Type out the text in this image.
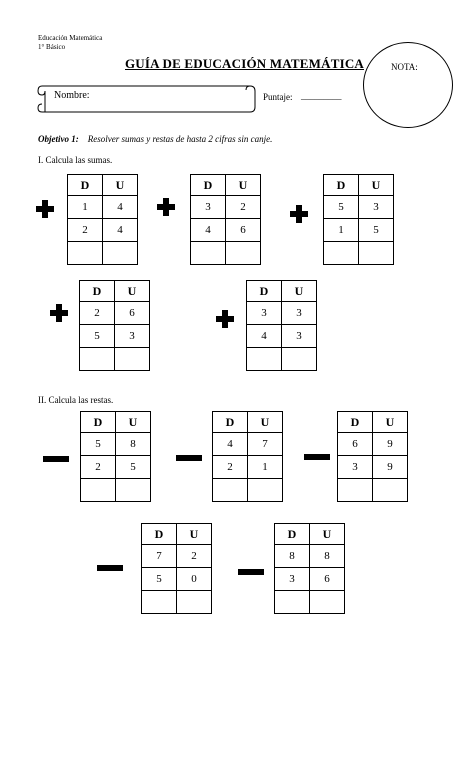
Educación Matemática
1° Básico
GUÍA DE EDUCACIÓN MATEMÁTICA	NOTA:
Nombre:	Puntaje: _________
Objetivo 1: Resolver sumas y restas de hasta 2 cifras sin canje.
I. Calcula las sumas.
D	U
1	4
2	4

D	U
3	2
4	6

D	U
5	3
1	5

D	U
2	6
5	3

D	U
3	3
4	3

II. Calcula las restas.
D	U
5	8
2	5

D	U
4	7
2	1

D	U
6	9
3	9

D	U
7	2
5	0

D	U
8	8
3	6
